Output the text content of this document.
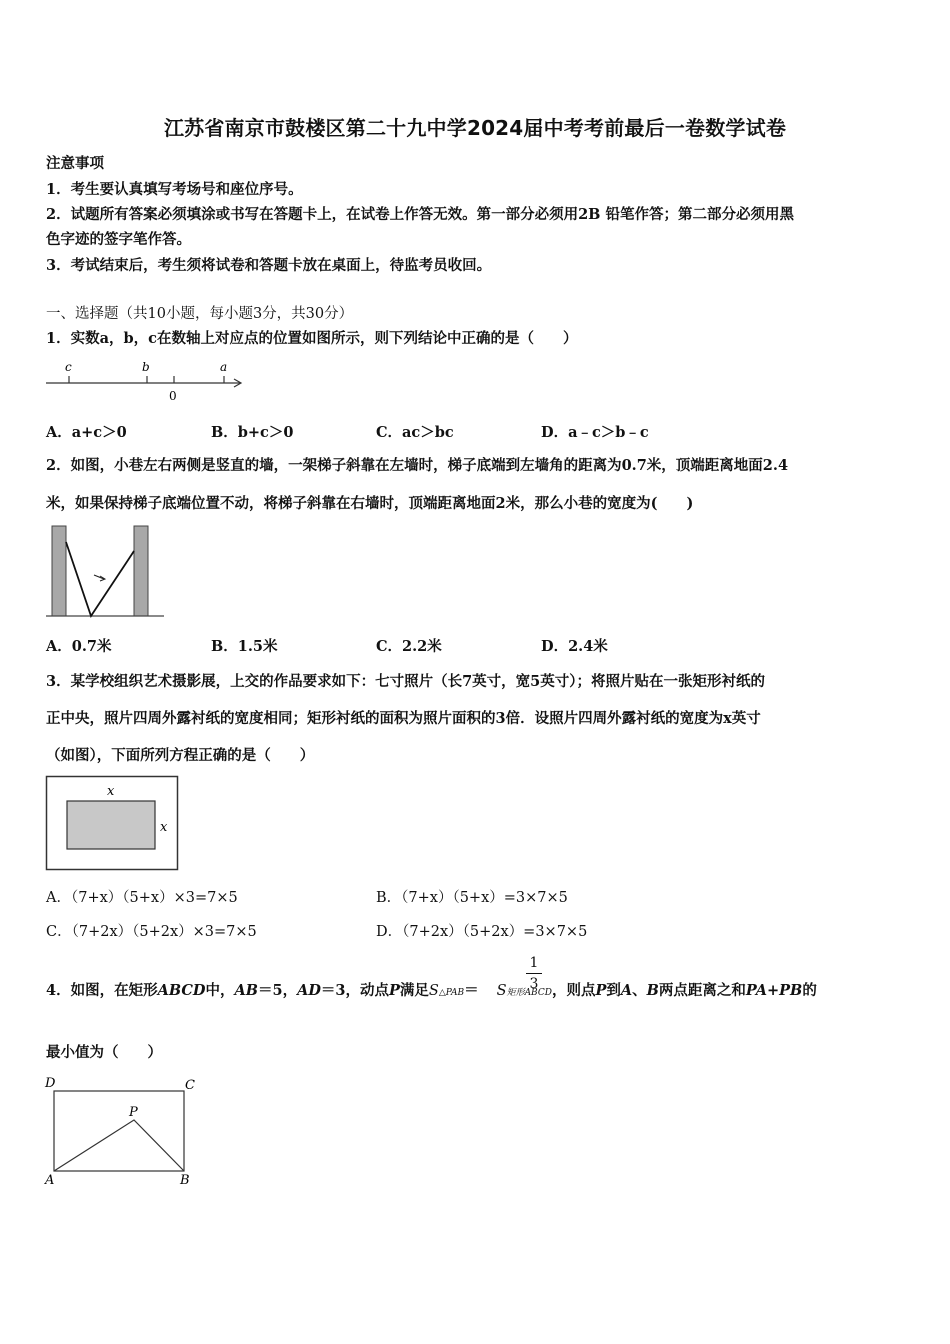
江苏省南京市鼓楼区第二十九中学2024届中考考前最后一卷数学试卷
注意事项
1．考生要认真填写考场号和座位序号。
2．试题所有答案必须填涂或书写在答题卡上，在试卷上作答无效。第一部分必须用2B 铅笔作答；第二部分必须用黑
色字迹的签字笔作答。
3．考试结束后，考生须将试卷和答题卡放在桌面上，待监考员收回。
一、选择题（共10小题，每小题3分，共30分）
1．实数a，b，c在数轴上对应点的位置如图所示，则下列结论中正确的是（　　）
c	b	a
0
A．a+c＞0	B．b+c＞0	C．ac＞bc	D．a﹣c＞b﹣c
2．如图，小巷左右两侧是竖直的墙，一架梯子斜靠在左墙时，梯子底端到左墙角的距离为0.7米，顶端距离地面2.4
米，如果保持梯子底端位置不动，将梯子斜靠在右墙时，顶端距离地面2米，那么小巷的宽度为(　　)
A．0.7米	B．1.5米	C．2.2米	D．2.4米
3．某学校组织艺术摄影展，上交的作品要求如下：七寸照片（长7英寸，宽5英寸）；将照片贴在一张矩形衬纸的
正中央，照片四周外露衬纸的宽度相同；矩形衬纸的面积为照片面积的3倍．设照片四周外露衬纸的宽度为x英寸
（如图），下面所列方程正确的是（　　）
x
x
A．（7+x）（5+x）×3=7×5	B．（7+x）（5+x）=3×7×5
C．（7+2x）（5+2x）×3=7×5	D．（7+2x）（5+2x）=3×7×5
4．如图，在矩形ABCD中，AB＝5，AD＝3，动点P满足S△PAB＝ S矩形ABCD，则点P到A、B两点距离之和PA+PB的
1
3
最小值为（　　）
D	C
P
A	B
